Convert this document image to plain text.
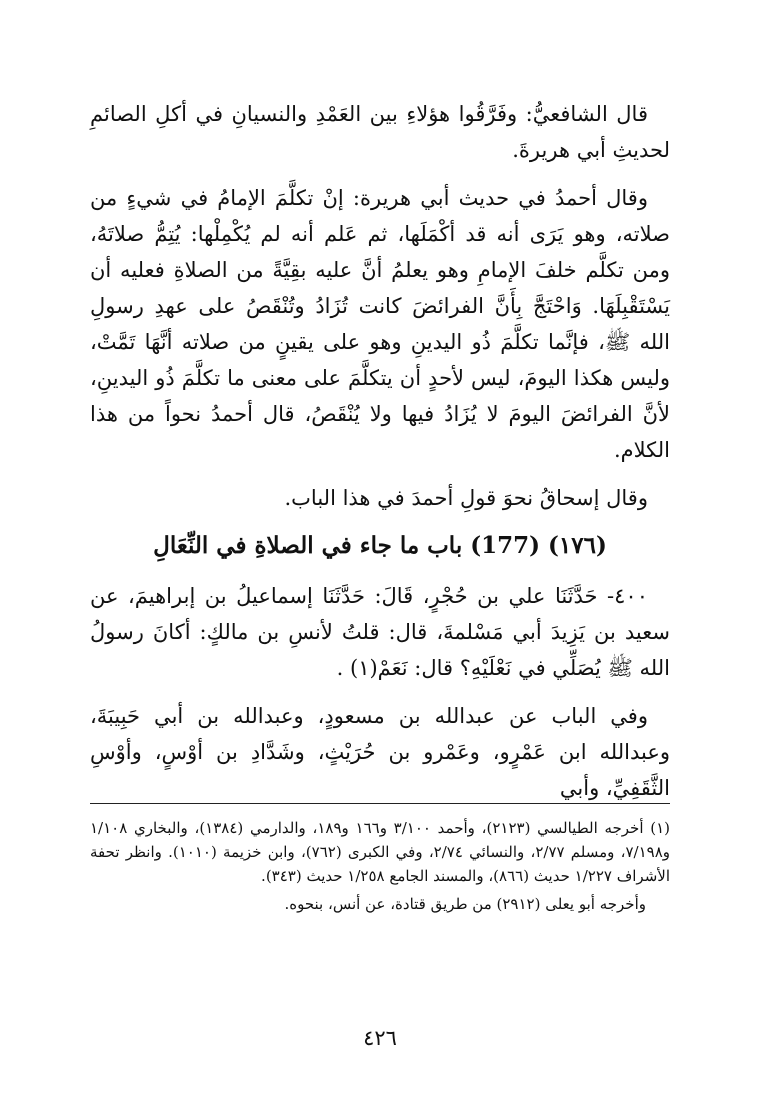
قال الشافعيُّ: وفَرَّقُوا هؤلاءِ بين العَمْدِ والنسيانِ في أكلِ الصائمِ لحديثِ أبي هريرةَ.

وقال أحمدُ في حديث أبي هريرة: إنْ تكلَّمَ الإمامُ في شيءٍ من صلاته، وهو يَرَى أنه قد أكْمَلَها، ثم عَلم أنه لم يُكْمِلْها: يُتِمُّ صلاتَهُ، ومن تكلَّم خلفَ الإمامِ وهو يعلمُ أنَّ عليه بقِيَّةً من الصلاةِ فعليه أن يَسْتَقْبِلَهَا. وَاحْتَجَّ بِأَنَّ الفرائضَ كانت تُزَادُ وتُنْقَصُ على عهدِ رسولِ الله ﷺ، فإنَّما تكلَّمَ ذُو اليدينِ وهو على يقينٍ من صلاته أنَّهَا تَمَّتْ، وليس هكذا اليومَ، ليس لأحدٍ أن يتكلَّمَ على معنى ما تكلَّمَ ذُو اليدينِ، لأنَّ الفرائضَ اليومَ لا يُزَادُ فيها ولا يُنْقَصُ، قال أحمدُ نحواً من هذا الكلام.

وقال إسحاقُ نحوَ قولِ أحمدَ في هذا الباب.

(١٧٦) (177) باب ما جاء في الصلاةِ في النِّعَالِ

٤٠٠- حَدَّثَنَا علي بن حُجْرٍ، قَالَ: حَدَّثَنَا إسماعيلُ بن إبراهيمَ، عن سعيد بن يَزِيدَ أبي مَسْلمةَ، قال: قلتُ لأنسِ بن مالكٍ: أكانَ رسولُ الله ﷺ يُصَلِّي في نَعْلَيْهِ؟ قال: نَعَمْ(١) .

وفي الباب عن عبدالله بن مسعودٍ، وعبدالله بن أبي حَبِيبَةَ، وعبدالله ابن عَمْرٍو، وعَمْرو بن حُرَيْثٍ، وشَدَّادِ بن أوْسٍ، وأوْسِ الثَّقَفِيِّ، وأبي

(١) أخرجه الطيالسي (٢١٢٣)، وأحمد ٣/١٠٠ و١٦٦ و١٨٩، والدارمي (١٣٨٤)، والبخاري ١/١٠٨ و٧/١٩٨، ومسلم ٢/٧٧، والنسائي ٢/٧٤، وفي الكبرى (٧٦٢)، وابن خزيمة (١٠١٠). وانظر تحفة الأشراف ١/٢٢٧ حديث (٨٦٦)، والمسند الجامع ١/٢٥٨ حديث (٣٤٣).

وأخرجه أبو يعلى (٢٩١٢) من طريق قتادة، عن أنس، بنحوه.

٤٢٦
